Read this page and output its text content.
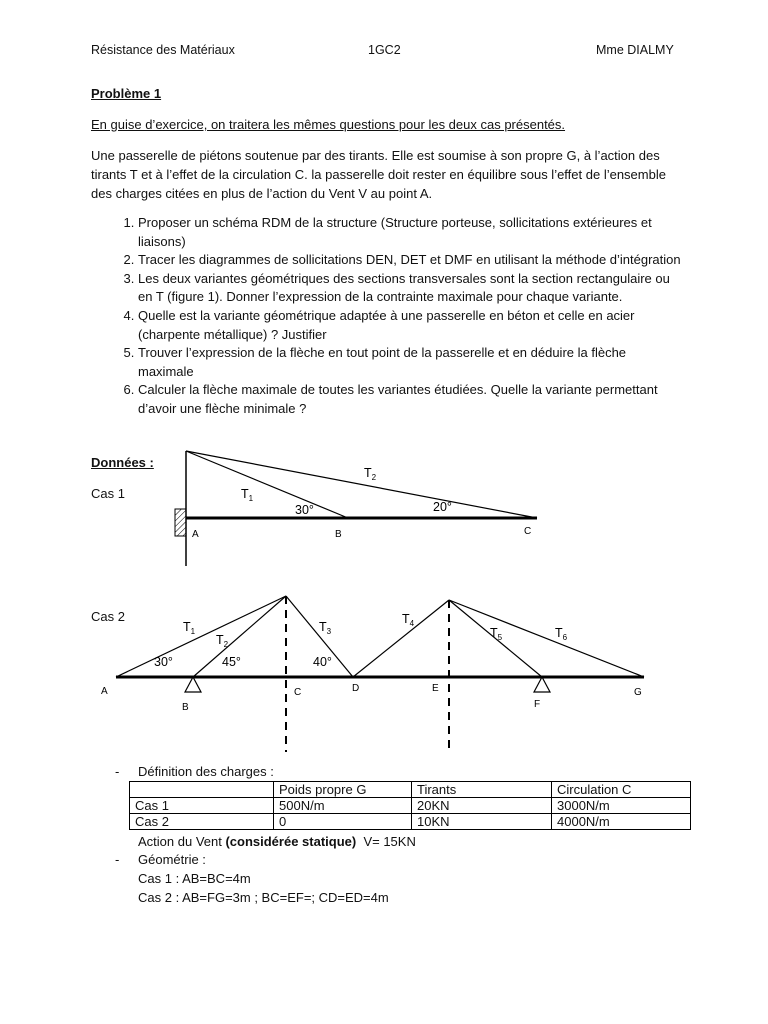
Résistance des Matériaux	1GC2	Mme DIALMY
Problème 1
En guise d’exercice, on traitera les mêmes questions pour les deux cas présentés.

Une passerelle de piétons soutenue par des tirants. Elle est soumise à son propre G, à l’action des tirants T et à l’effet de la circulation C. la passerelle doit rester en équilibre sous l’effet de l’ensemble des charges citées en plus de l’action du Vent V au point A.

1. Proposer un schéma RDM de la structure (Structure porteuse, sollicitations extérieures et liaisons)
2. Tracer les diagrammes de sollicitations DEN, DET et DMF en utilisant la méthode d’intégration
3. Les deux variantes géométriques des sections transversales sont la section rectangulaire ou en T (figure 1). Donner l’expression de la contrainte maximale pour chaque variante.
4. Quelle est la variante géométrique adaptée à une passerelle en béton et celle en acier (charpente métallique) ? Justifier
5. Trouver l’expression de la flèche en tout point de la passerelle et en déduire la flèche maximale
6. Calculer la flèche maximale de toutes les variantes étudiées. Quelle la variante permettant d’avoir une flèche minimale ?
Données :
Cas 1
Cas 2
$T_1$
$T_2$
30°	20°
A	B	C
$T_1$
$T_2$
$T_3$
$T_4$
$T_5$	$T_6$
30°	45°	40°
A
B
C	D	E
F
G
- Définition des charges :
	Poids propre G	Tirants	Circulation C
Cas 1	500N/m	20KN	3000N/m
Cas 2	0	10KN	4000N/m
Action du Vent (considérée statique)  V= 15KN
- Géométrie :
Cas 1 : AB=BC=4m
Cas 2 : AB=FG=3m ; BC=EF=; CD=ED=4m
